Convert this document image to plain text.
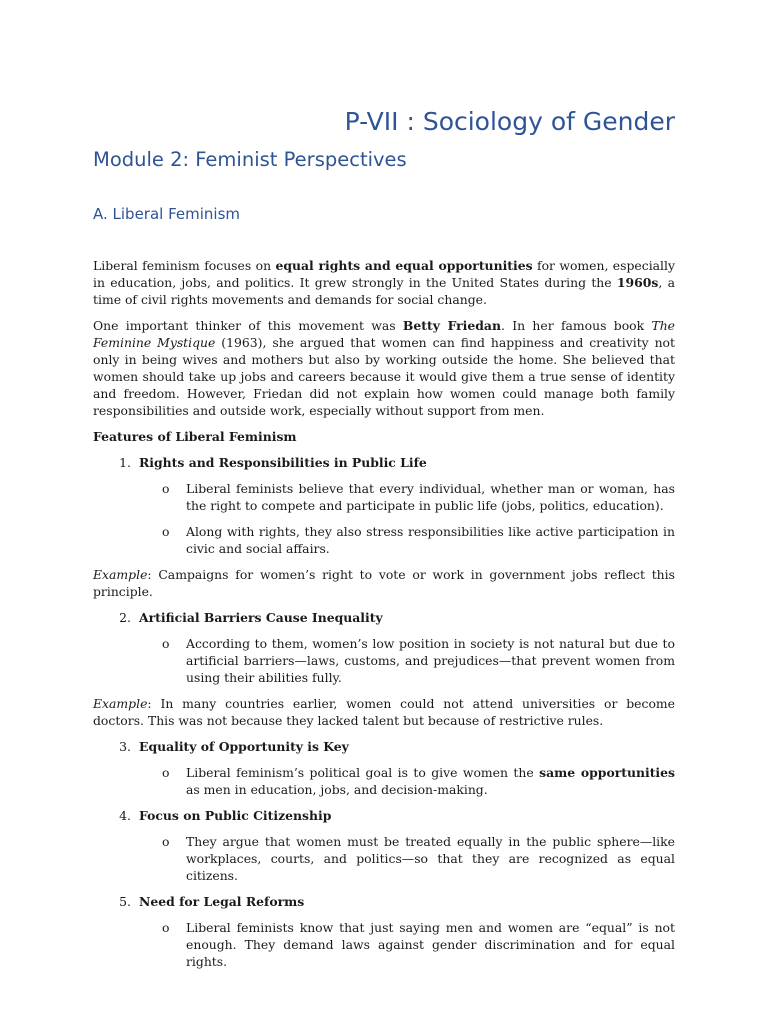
P-VII : Sociology of Gender
Module 2: Feminist Perspectives
A. Liberal Feminism

Liberal feminism focuses on equal rights and equal opportunities for women, especially in education, jobs, and politics. It grew strongly in the United States during the 1960s, a time of civil rights movements and demands for social change.

One important thinker of this movement was Betty Friedan. In her famous book The Feminine Mystique (1963), she argued that women can find happiness and creativity not only in being wives and mothers but also by working outside the home. She believed that women should take up jobs and careers because it would give them a true sense of identity and freedom. However, Friedan did not explain how women could manage both family responsibilities and outside work, especially without support from men.

Features of Liberal Feminism
1. Rights and Responsibilities in Public Life
o	Liberal feminists believe that every individual, whether man or woman, has the right to compete and participate in public life (jobs, politics, education).
o	Along with rights, they also stress responsibilities like active participation in civic and social affairs.
Example: Campaigns for women’s right to vote or work in government jobs reflect this principle.
2. Artificial Barriers Cause Inequality
o	According to them, women’s low position in society is not natural but due to artificial barriers—laws, customs, and prejudices—that prevent women from using their abilities fully.
Example: In many countries earlier, women could not attend universities or become doctors. This was not because they lacked talent but because of restrictive rules.
3. Equality of Opportunity is Key
o	Liberal feminism’s political goal is to give women the same opportunities as men in education, jobs, and decision-making.
4. Focus on Public Citizenship
o	They argue that women must be treated equally in the public sphere—like workplaces, courts, and politics—so that they are recognized as equal citizens.
5. Need for Legal Reforms
o	Liberal feminists know that just saying men and women are “equal” is not enough. They demand laws against gender discrimination and for equal rights.
